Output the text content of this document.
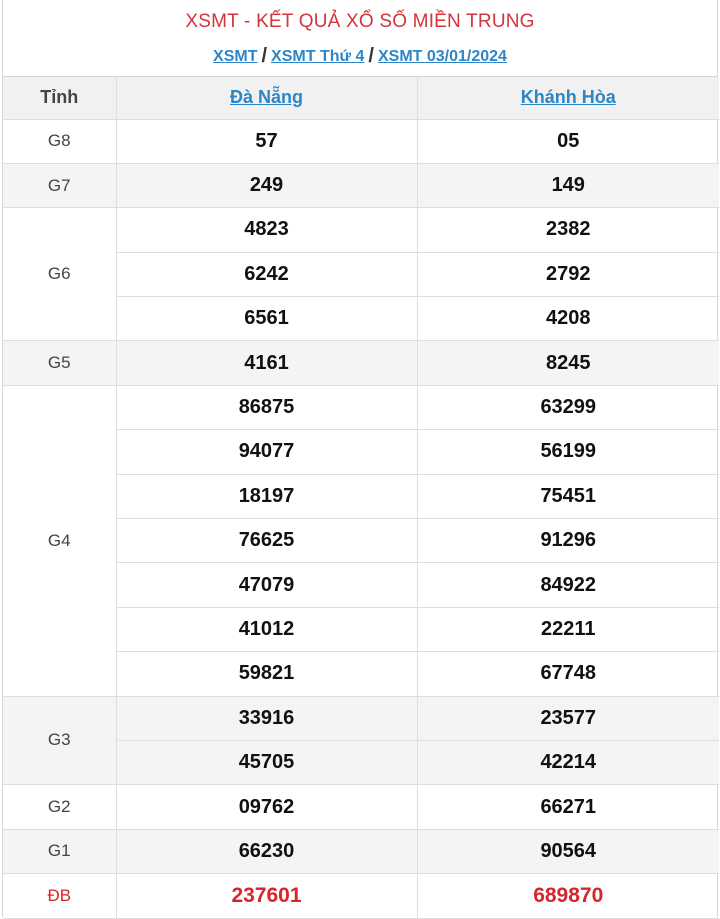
XSMT - KẾT QUẢ XỔ SỐ MIỀN TRUNG
XSMT / XSMT Thứ 4 / XSMT 03/01/2024
Tỉnh	Đà Nẵng	Khánh Hòa
G8	57	05
G7	249	149
G6	4823	2382
	6242	2792
	6561	4208
G5	4161	8245
G4	86875	63299
	94077	56199
	18197	75451
	76625	91296
	47079	84922
	41012	22211
	59821	67748
G3	33916	23577
	45705	42214
G2	09762	66271
G1	66230	90564
ĐB	237601	689870
